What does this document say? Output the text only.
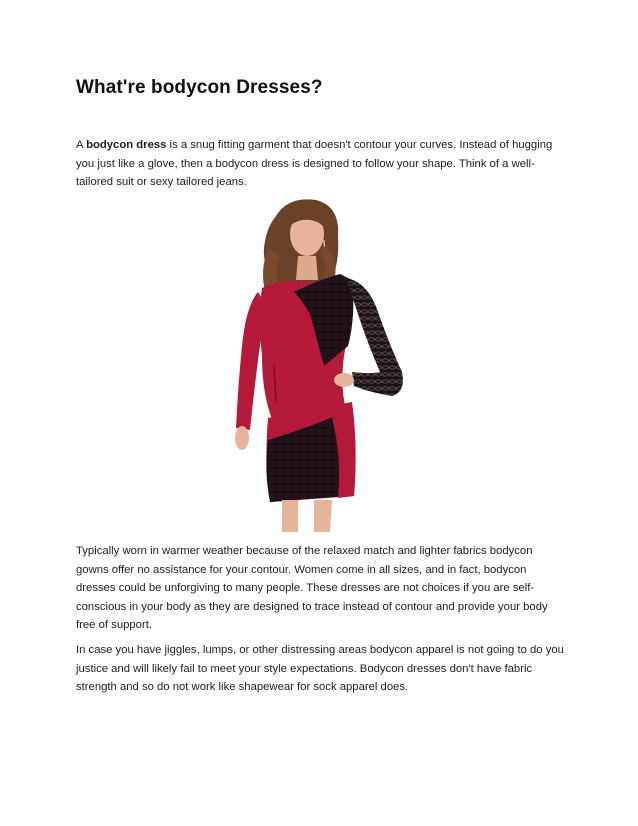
What're bodycon Dresses?

A bodycon dress is a snug fitting garment that doesn't contour your curves. Instead of hugging you just like a glove, then a bodycon dress is designed to follow your shape. Think of a well-tailored suit or sexy tailored jeans.

Typically worn in warmer weather because of the relaxed match and lighter fabrics bodycon gowns offer no assistance for your contour. Women come in all sizes, and in fact, bodycon dresses could be unforgiving to many people. These dresses are not choices if you are self-conscious in your body as they are designed to trace instead of contour and provide your body free of support.

In case you have jiggles, lumps, or other distressing areas bodycon apparel is not going to do you justice and will likely fail to meet your style expectations. Bodycon dresses don't have fabric strength and so do not work like shapewear for sock apparel does.
